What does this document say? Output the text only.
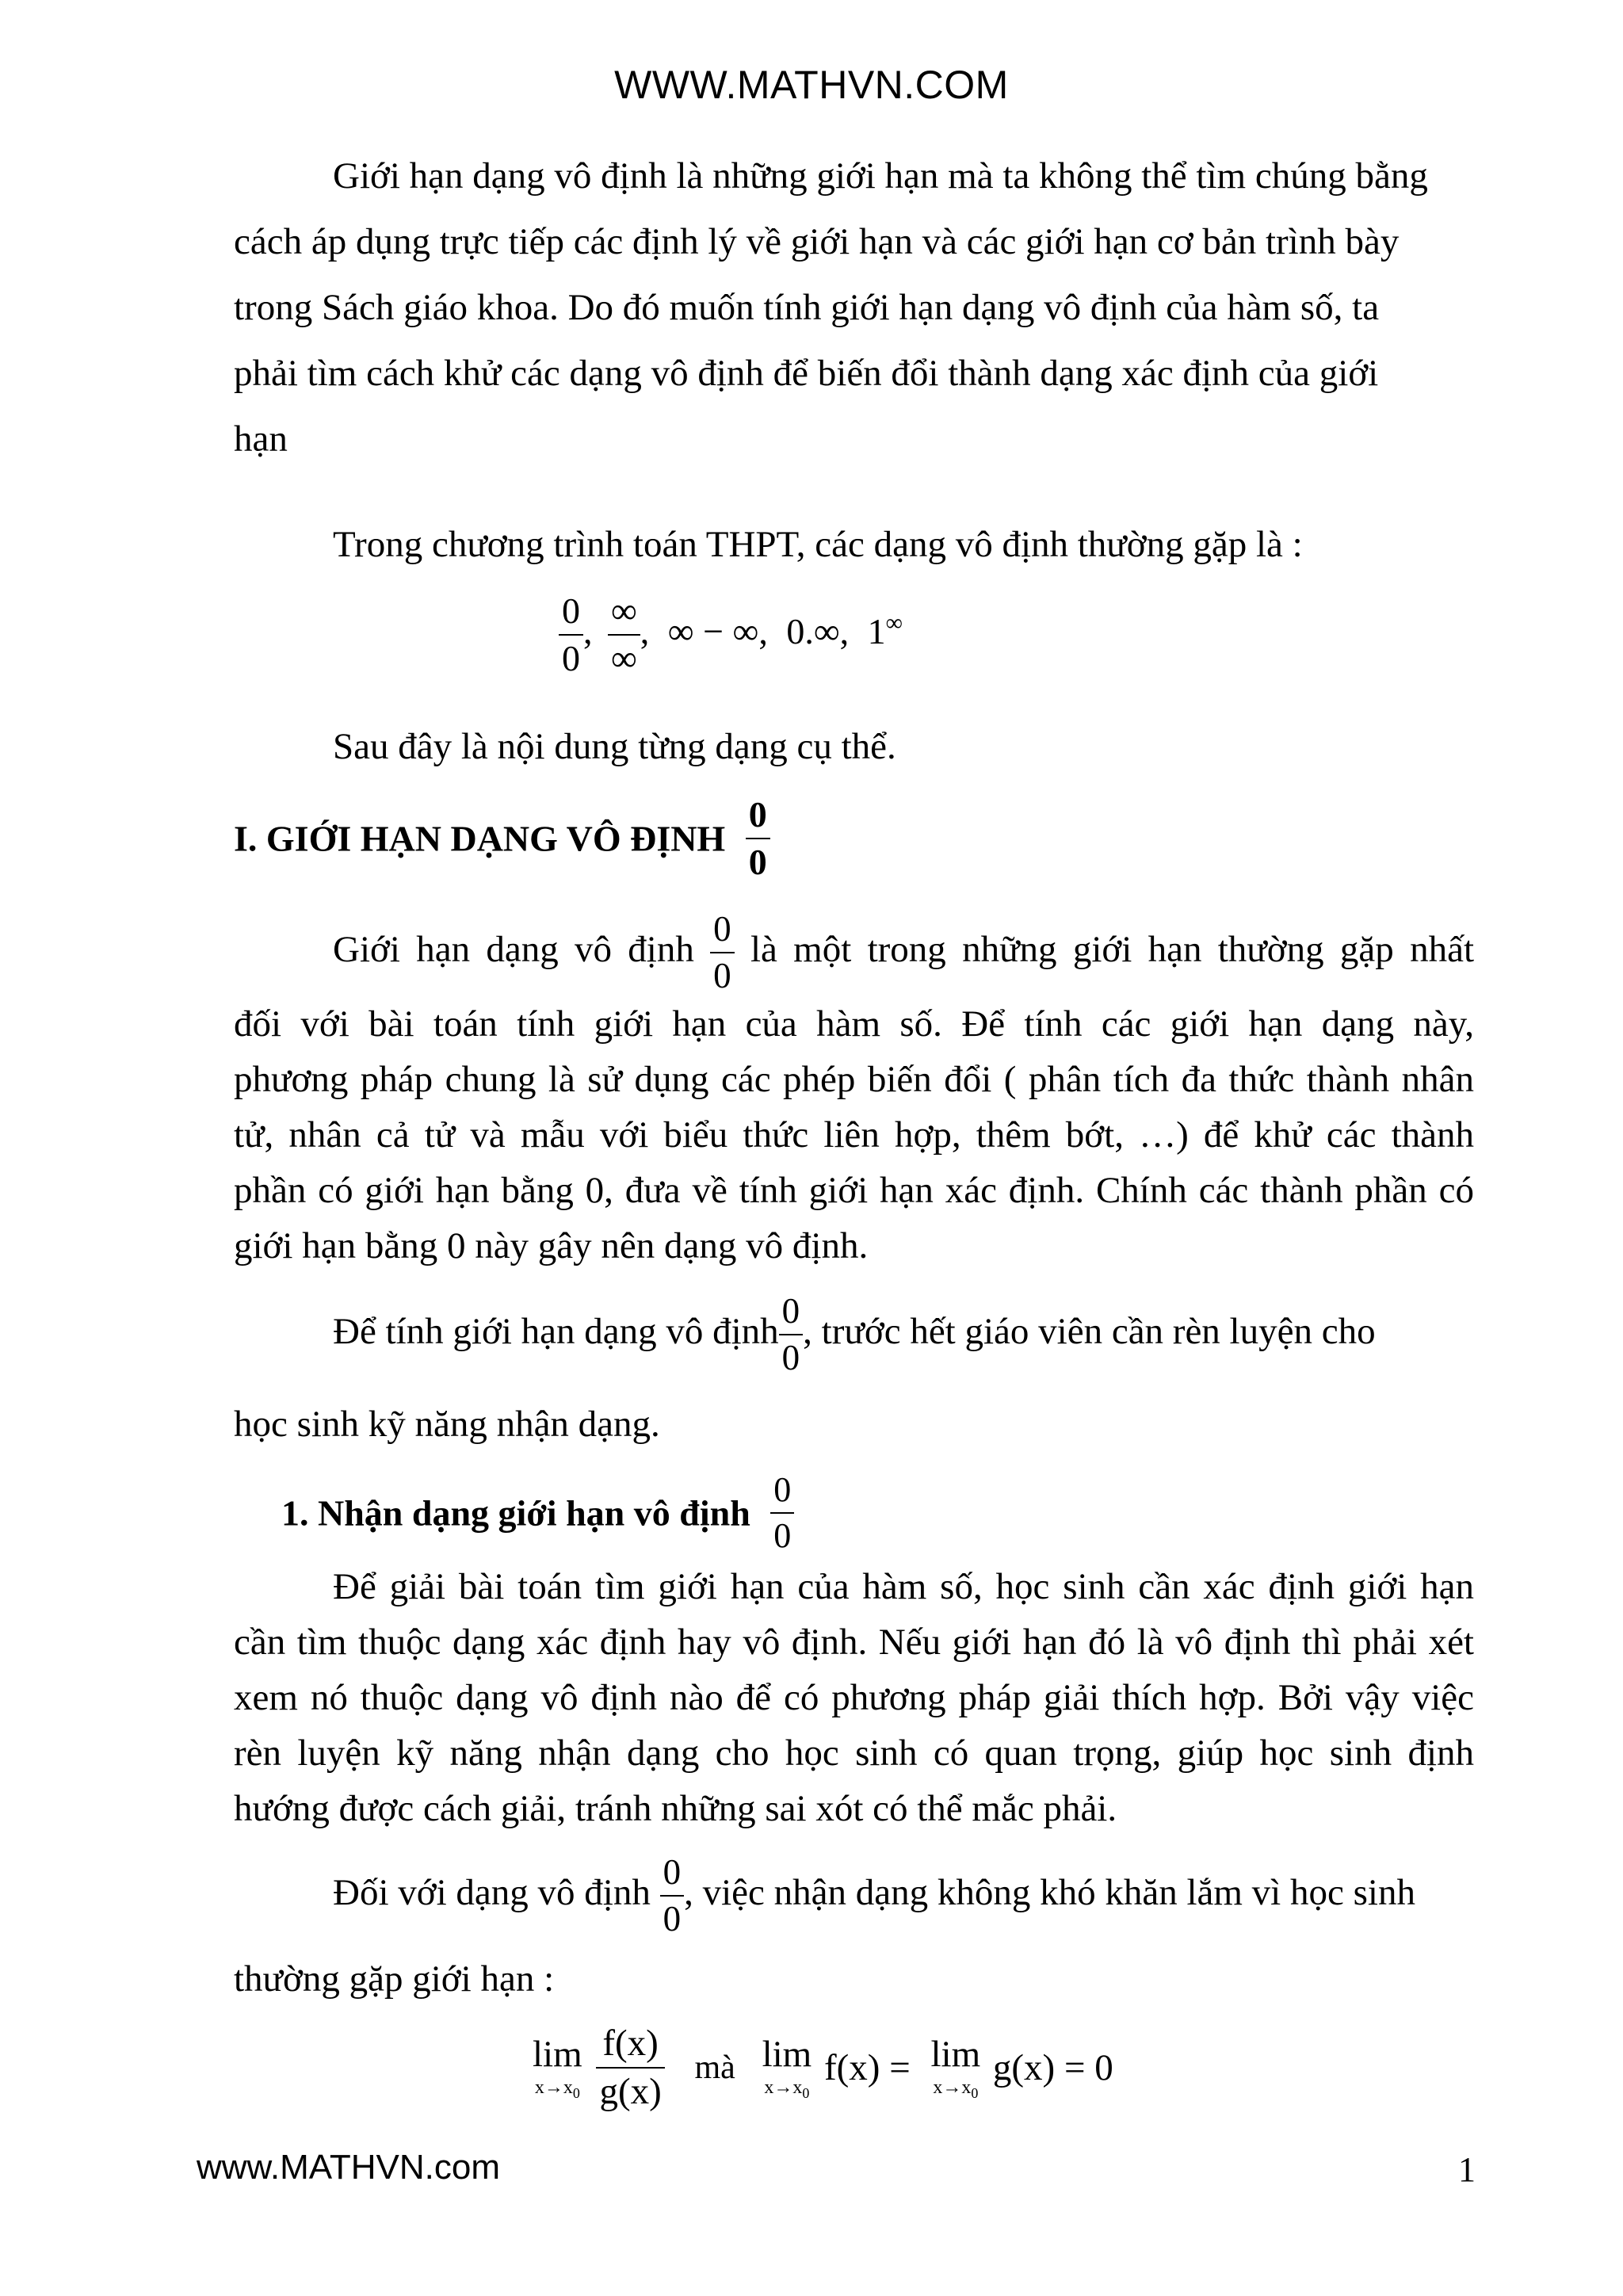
WWW.MATHVN.COM
Giới hạn dạng vô định là những giới hạn mà ta không thể tìm chúng bằng
cách áp dụng trực tiếp các định lý về giới hạn và các giới hạn cơ bản trình bày
trong Sách giáo khoa. Do đó muốn tính giới hạn dạng vô định của hàm số, ta
phải tìm cách khử các dạng vô định để biến đổi thành dạng xác định của giới
hạn
Trong chương trình toán THPT, các dạng vô định thường gặp là :
$\frac{0}{0}$ , $\frac{\infty}{\infty}$ , ∞ − ∞, 0.∞, 1∞
Sau đây là nội dung từng dạng cụ thể.
I. GIỚI HẠN DẠNG VÔ ĐỊNH $\frac{0}{0}$
Giới hạn dạng vô định $\frac{0}{0}$ là một trong những giới hạn thường gặp nhất
đối với bài toán tính giới hạn của hàm số. Để tính các giới hạn dạng này,
phương pháp chung là sử dụng các phép biến đổi ( phân tích đa thức thành nhân
tử, nhân cả tử và mẫu với biểu thức liên hợp, thêm bớt, …) để khử các thành
phần có giới hạn bằng 0, đưa về tính giới hạn xác định. Chính các thành phần có
giới hạn bằng 0 này gây nên dạng vô định.
Để tính giới hạn dạng vô định $\frac{0}{0}$ , trước hết giáo viên cần rèn luyện cho
học sinh kỹ năng nhận dạng.
1. Nhận dạng giới hạn vô định $\frac{0}{0}$
Để giải bài toán tìm giới hạn của hàm số, học sinh cần xác định giới hạn
cần tìm thuộc dạng xác định hay vô định. Nếu giới hạn đó là vô định thì phải xét
xem nó thuộc dạng vô định nào để có phương pháp giải thích hợp. Bởi vậy việc
rèn luyện kỹ năng nhận dạng cho học sinh có quan trọng, giúp học sinh định
hướng được cách giải, tránh những sai xót có thể mắc phải.
Đối với dạng vô định $\frac{0}{0}$ , việc nhận dạng không khó khăn lắm vì học sinh
thường gặp giới hạn :
lim
$x\to x_0$
$\frac{f(x)}{g(x)}$ mà lim
$x\to x_0$
f(x) = lim
$x\to x_0$
g(x) = 0
www.MATHVN.com	1
